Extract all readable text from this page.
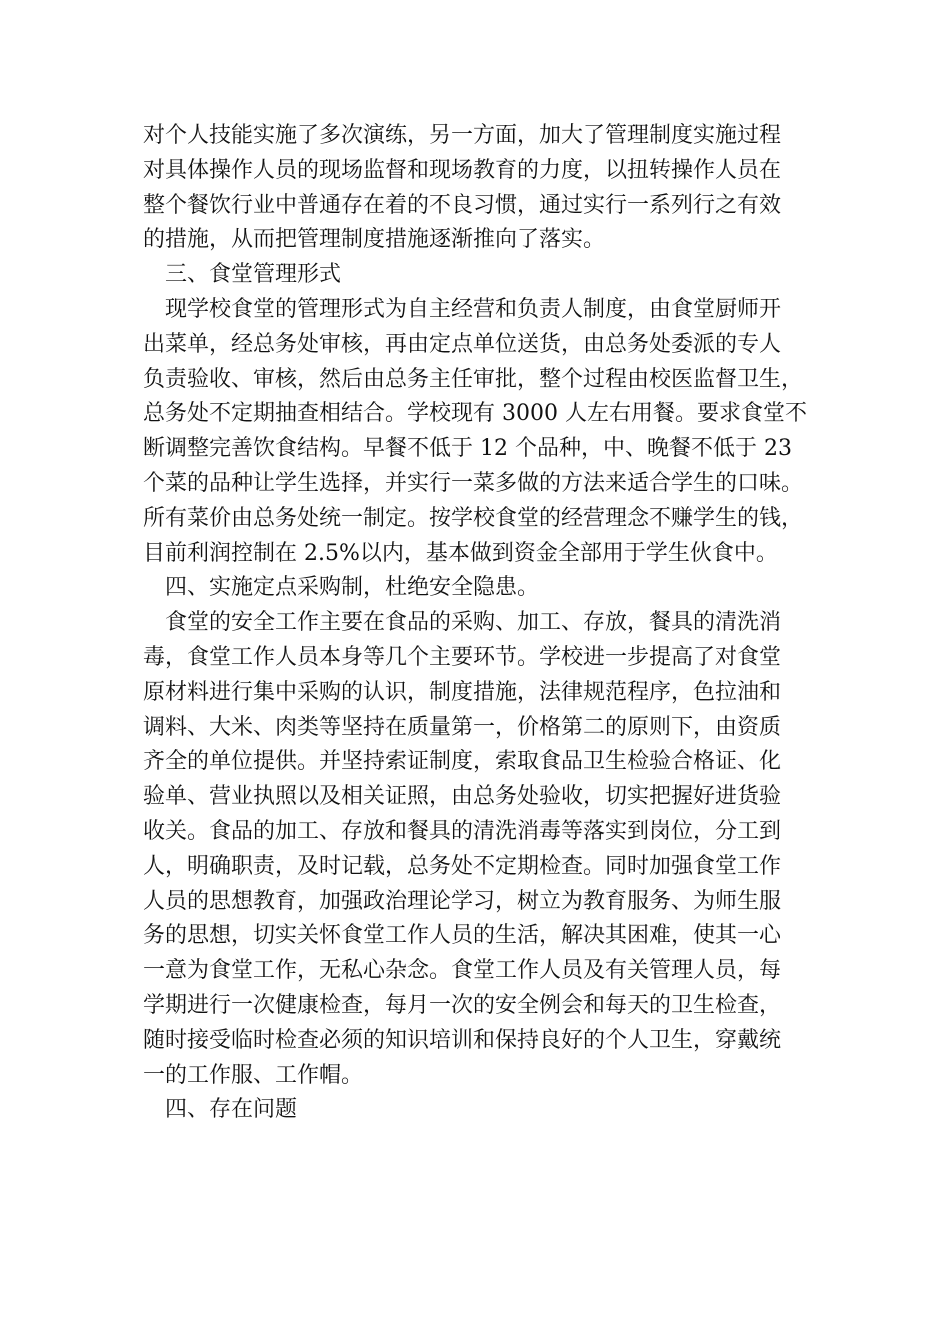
对个人技能实施了多次演练，另一方面，加大了管理制度实施过程
对具体操作人员的现场监督和现场教育的力度，以扭转操作人员在
整个餐饮行业中普通存在着的不良习惯，通过实行一系列行之有效
的措施，从而把管理制度措施逐渐推向了落实。
三、食堂管理形式
现学校食堂的管理形式为自主经营和负责人制度，由食堂厨师开
出菜单，经总务处审核，再由定点单位送货，由总务处委派的专人
负责验收、审核，然后由总务主任审批，整个过程由校医监督卫生，
总务处不定期抽查相结合。学校现有 3000 人左右用餐。要求食堂不
断调整完善饮食结构。早餐不低于 12 个品种，中、晚餐不低于 23
个菜的品种让学生选择，并实行一菜多做的方法来适合学生的口味。
所有菜价由总务处统一制定。按学校食堂的经营理念不赚学生的钱，
目前利润控制在 2.5%以内，基本做到资金全部用于学生伙食中。
四、实施定点采购制，杜绝安全隐患。
食堂的安全工作主要在食品的采购、加工、存放，餐具的清洗消
毒，食堂工作人员本身等几个主要环节。学校进一步提高了对食堂
原材料进行集中采购的认识，制度措施，法律规范程序，色拉油和
调料、大米、肉类等坚持在质量第一，价格第二的原则下，由资质
齐全的单位提供。并坚持索证制度，索取食品卫生检验合格证、化
验单、营业执照以及相关证照，由总务处验收，切实把握好进货验
收关。食品的加工、存放和餐具的清洗消毒等落实到岗位，分工到
人，明确职责，及时记载，总务处不定期检查。同时加强食堂工作
人员的思想教育，加强政治理论学习，树立为教育服务、为师生服
务的思想，切实关怀食堂工作人员的生活，解决其困难，使其一心
一意为食堂工作，无私心杂念。食堂工作人员及有关管理人员，每
学期进行一次健康检查，每月一次的安全例会和每天的卫生检查，
随时接受临时检查必须的知识培训和保持良好的个人卫生，穿戴统
一的工作服、工作帽。
四、存在问题
